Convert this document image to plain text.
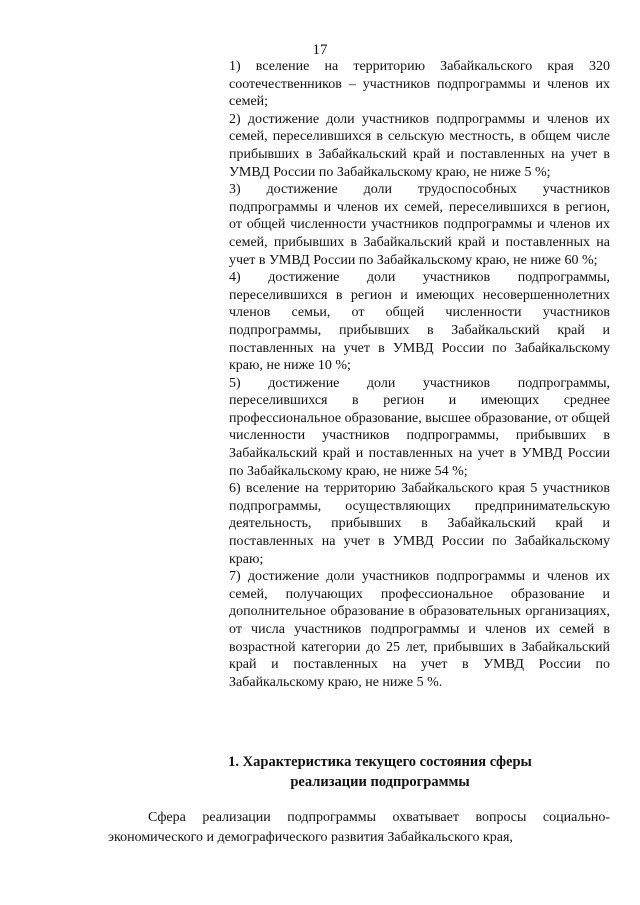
17

1) вселение на территорию Забайкальского края 320 соотечественников – участников подпрограммы и членов их семей;

2) достижение доли участников подпрограммы и членов их семей, переселившихся в сельскую местность, в общем числе прибывших в Забайкальский край и поставленных на учет в УМВД России по Забайкальскому краю, не ниже 5 %;

3) достижение доли трудоспособных участников подпрограммы и членов их семей, переселившихся в регион, от общей численности участников подпрограммы и членов их семей, прибывших в Забайкальский край и поставленных на учет в УМВД России по Забайкальскому краю, не ниже 60 %;

4) достижение доли участников подпрограммы, переселившихся в регион и имеющих несовершеннолетних членов семьи, от общей численности участников подпрограммы, прибывших в Забайкальский край и поставленных на учет в УМВД России по Забайкальскому краю, не ниже 10 %;

5) достижение доли участников подпрограммы, переселившихся в регион и имеющих среднее профессиональное образование, высшее образование, от общей численности участников подпрограммы, прибывших в Забайкальский край и поставленных на учет в УМВД России по Забайкальскому краю, не ниже 54 %;

6) вселение на территорию Забайкальского края 5 участников подпрограммы, осуществляющих предпринимательскую деятельность, прибывших в Забайкальский край и поставленных на учет в УМВД России по Забайкальскому краю;

7) достижение доли участников подпрограммы и членов их семей, получающих профессиональное образование и дополнительное образование в образовательных организациях, от числа участников подпрограммы и членов их семей в возрастной категории до 25 лет, прибывших в Забайкальский край и поставленных на учет в УМВД России по Забайкальскому краю, не ниже 5 %.

1. Характеристика текущего состояния сферы
реализации подпрограммы
Сфера реализации подпрограммы охватывает вопросы социально-экономического и демографического развития Забайкальского края,
